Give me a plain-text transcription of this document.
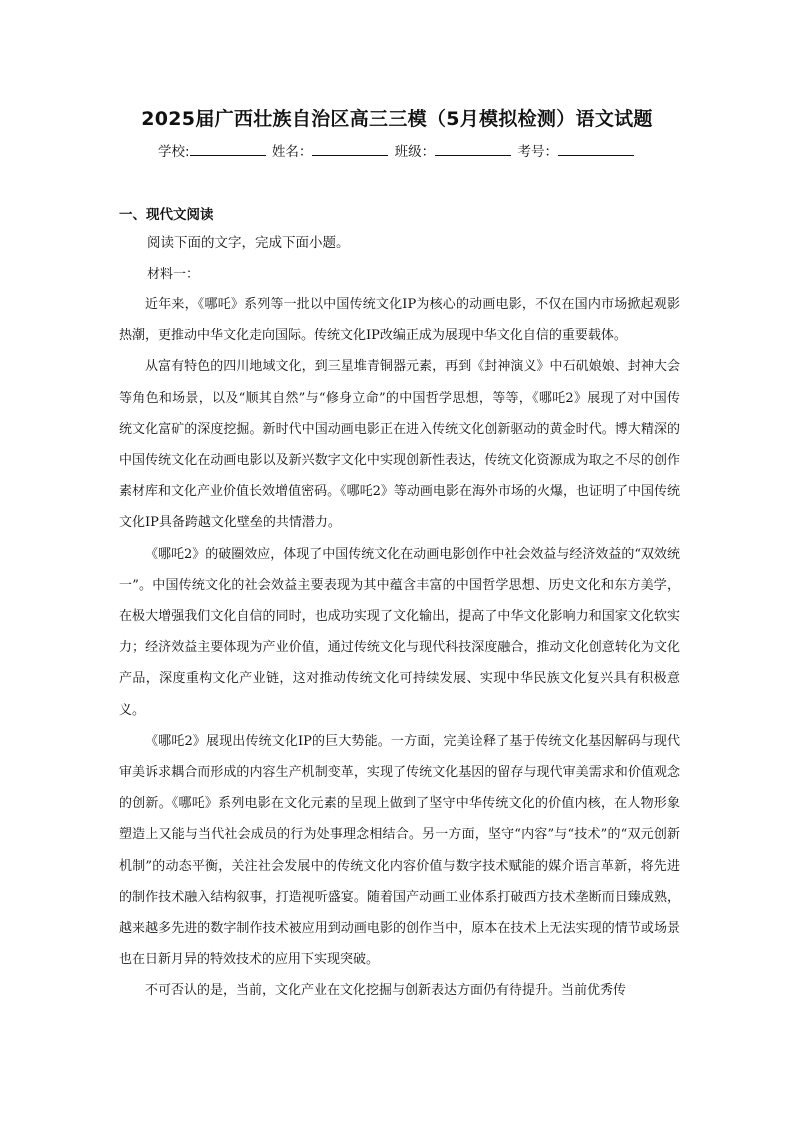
2025届广西壮族自治区高三三模（5月模拟检测）语文试题
学校:	姓名：	班级：	考号：
一、现代文阅读
阅读下面的文字，完成下面小题。
材料一：

近年来，《哪吒》系列等一批以中国传统文化IP为核心的动画电影，不仅在国内市场掀起观影热潮，更推动中华文化走向国际。传统文化IP改编正成为展现中华文化自信的重要载体。

从富有特色的四川地域文化，到三星堆青铜器元素，再到《封神演义》中石矶娘娘、封神大会等角色和场景，以及“顺其自然”与“修身立命”的中国哲学思想，等等，《哪吒2》展现了对中国传统文化富矿的深度挖掘。新时代中国动画电影正在进入传统文化创新驱动的黄金时代。博大精深的中国传统文化在动画电影以及新兴数字文化中实现创新性表达，传统文化资源成为取之不尽的创作素材库和文化产业价值长效增值密码。《哪吒2》等动画电影在海外市场的火爆，也证明了中国传统文化IP具备跨越文化壁垒的共情潜力。

《哪吒2》的破圈效应，体现了中国传统文化在动画电影创作中社会效益与经济效益的“双效统一”。中国传统文化的社会效益主要表现为其中蕴含丰富的中国哲学思想、历史文化和东方美学，在极大增强我们文化自信的同时，也成功实现了文化输出，提高了中华文化影响力和国家文化软实力；经济效益主要体现为产业价值，通过传统文化与现代科技深度融合，推动文化创意转化为文化产品，深度重构文化产业链，这对推动传统文化可持续发展、实现中华民族文化复兴具有积极意义。

《哪吒2》展现出传统文化IP的巨大势能。一方面，完美诠释了基于传统文化基因解码与现代审美诉求耦合而形成的内容生产机制变革，实现了传统文化基因的留存与现代审美需求和价值观念的创新。《哪吒》系列电影在文化元素的呈现上做到了坚守中华传统文化的价值内核，在人物形象塑造上又能与当代社会成员的行为处事理念相结合。另一方面，坚守“内容”与“技术”的“双元创新机制”的动态平衡，关注社会发展中的传统文化内容价值与数字技术赋能的媒介语言革新，将先进的制作技术融入结构叙事，打造视听盛宴。随着国产动画工业体系打破西方技术垄断而日臻成熟，越来越多先进的数字制作技术被应用到动画电影的创作当中，原本在技术上无法实现的情节或场景也在日新月异的特效技术的应用下实现突破。

不可否认的是，当前，文化产业在文化挖掘与创新表达方面仍有待提升。当前优秀传
